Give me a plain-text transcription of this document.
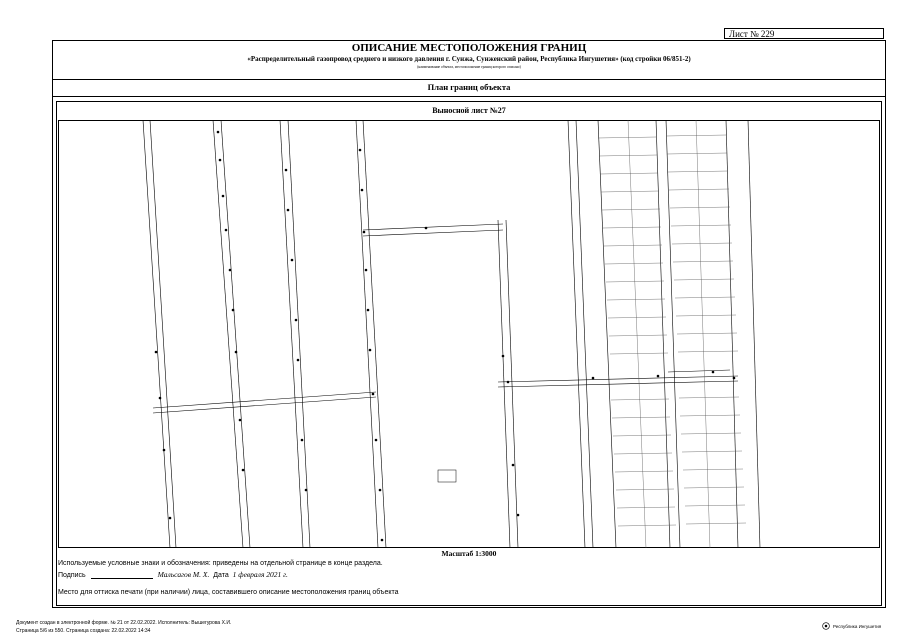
Лист № 229
ОПИСАНИЕ МЕСТОПОЛОЖЕНИЯ ГРАНИЦ
«Распределительный газопровод среднего и низкого давления г. Сунжа, Сунженский район, Республика Ингушетия» (код стройки 06/851-2)
(наименование объекта, местоположение границ которого описано)
План границ объекта
Выносной лист №27
Масштаб 1:3000
Используемые условные знаки и обозначения: приведены на отдельной странице в конце раздела.
Подпись	Мальсагов М. Х. Дата 1 февраля 2021 г.
Место для оттиска печати (при наличии) лица, составившего описание местоположения границ объекта
Документ создан в электронной форме. № 21 от 22.02.2022. Исполнитель: Вышегурова Х.И.
Страница 5/6 из 550. Страница создана: 22.02.2022 14:34
Республика Ингушетия
